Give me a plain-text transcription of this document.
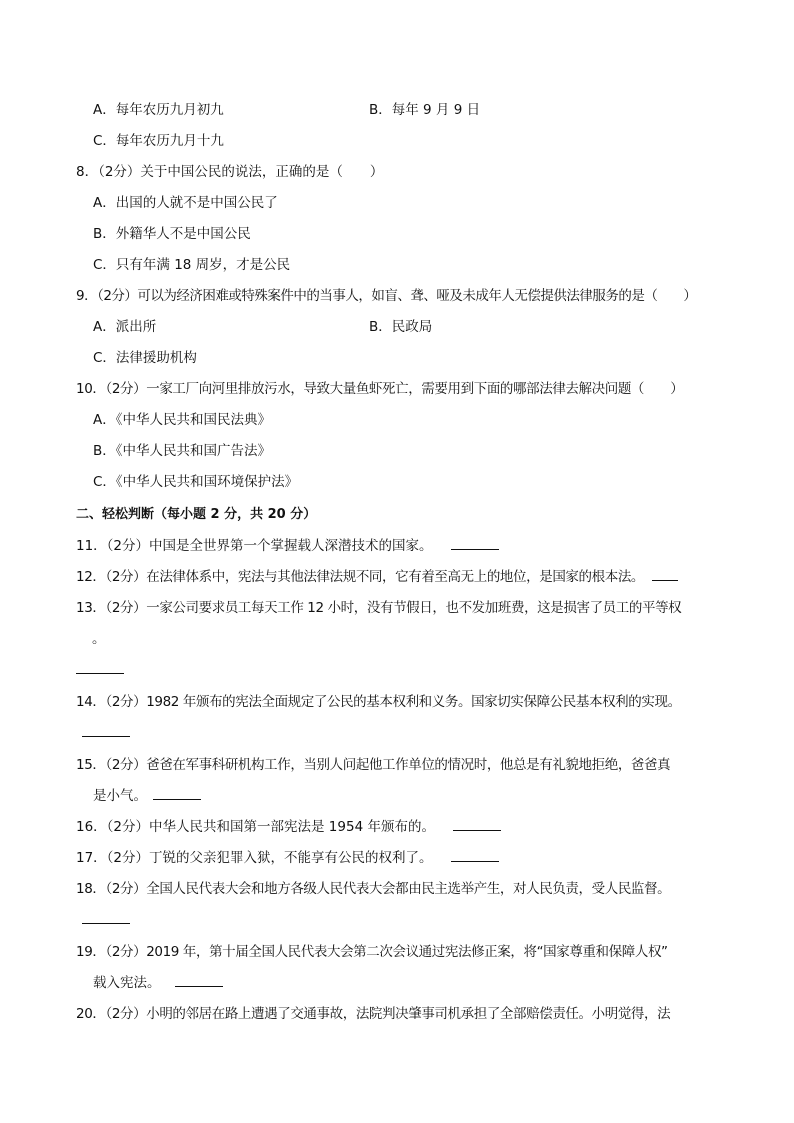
A．每年农历九月初九	B．每年 9 月 9 日
C．每年农历九月十九
8．（2分）关于中国公民的说法，正确的是（　　）
A．出国的人就不是中国公民了
B．外籍华人不是中国公民
C．只有年满 18 周岁，才是公民
9．（2分）可以为经济困难或特殊案件中的当事人，如盲、聋、哑及未成年人无偿提供法律服务的是（　　）
A．派出所	B．民政局
C．法律援助机构
10．（2分）一家工厂向河里排放污水，导致大量鱼虾死亡，需要用到下面的哪部法律去解决问题（　　）
A．《中华人民共和国民法典》
B．《中华人民共和国广告法》
C．《中华人民共和国环境保护法》
二、轻松判断（每小题 2 分，共 20 分）
11．（2分）中国是全世界第一个掌握载人深潜技术的国家。
12．（2分）在法律体系中，宪法与其他法律法规不同，它有着至高无上的地位，是国家的根本法。
13．（2分）一家公司要求员工每天工作 12 小时，没有节假日，也不发加班费，这是损害了员工的平等权
。
14．（2分）1982 年颁布的宪法全面规定了公民的基本权利和义务。国家切实保障公民基本权利的实现。
15．（2分）爸爸在军事科研机构工作，当别人问起他工作单位的情况时，他总是有礼貌地拒绝，爸爸真
是小气。
16．（2分）中华人民共和国第一部宪法是 1954 年颁布的。
17．（2分）丁锐的父亲犯罪入狱，不能享有公民的权利了。
18．（2分）全国人民代表大会和地方各级人民代表大会都由民主选举产生，对人民负责，受人民监督。
19．（2分）2019 年，第十届全国人民代表大会第二次会议通过宪法修正案，将“国家尊重和保障人权”
载入宪法。
20．（2分）小明的邻居在路上遭遇了交通事故，法院判决肇事司机承担了全部赔偿责任。小明觉得，法
